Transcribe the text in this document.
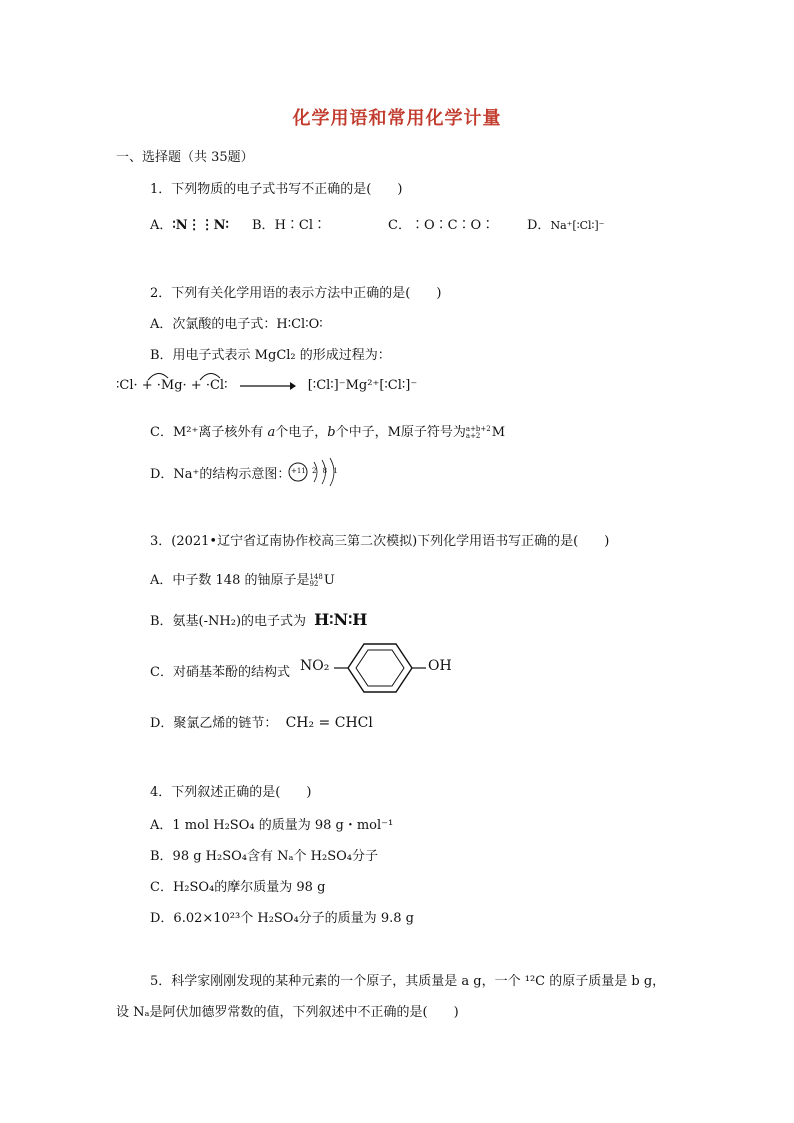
化学用语和常用化学计量
一、选择题（共 35题）
1．下列物质的电子式书写不正确的是(　　)
A．∶N⋮⋮N∶ B．H∶Cl∶	C．∶O∶C∶O∶	D．Na⁺[∶Cl∶]⁻
2．下列有关化学用语的表示方法中正确的是(　　)
A．次氯酸的电子式：H∶Cl∶O∶
B．用电子式表示 MgCl₂ 的形成过程为：
∶Cl· + ·Mg· + ·Cl∶	[∶Cl∶]⁻Mg²⁺[∶Cl∶]⁻
C．M²⁺离子核外有 a个电子，b个中子，M原子符号为 a+b+2
a+2 M
D．Na⁺的结构示意图： +11 2 8 1
3．(2021•辽宁省辽南协作校高三第二次模拟)下列化学用语书写正确的是(　　)
A．中子数 148 的铀原子是 148
92 U
B．氨基(-NH₂)的电子式为 H∶N∶H
C．对硝基苯酚的结构式 NO₂	OH
D．聚氯乙烯的链节： CH₂ = CHCl
4．下列叙述正确的是(　　)
A．1 mol H₂SO₄ 的质量为 98 g・mol⁻¹
B．98 g H₂SO₄含有 Nₐ个 H₂SO₄分子
C．H₂SO₄的摩尔质量为 98 g
D．6.02×10²³个 H₂SO₄分子的质量为 9.8 g
5．科学家刚刚发现的某种元素的一个原子，其质量是 a g，一个 ¹²C 的原子质量是 b g，
设 Nₐ是阿伏加德罗常数的值，下列叙述中不正确的是(　　)
